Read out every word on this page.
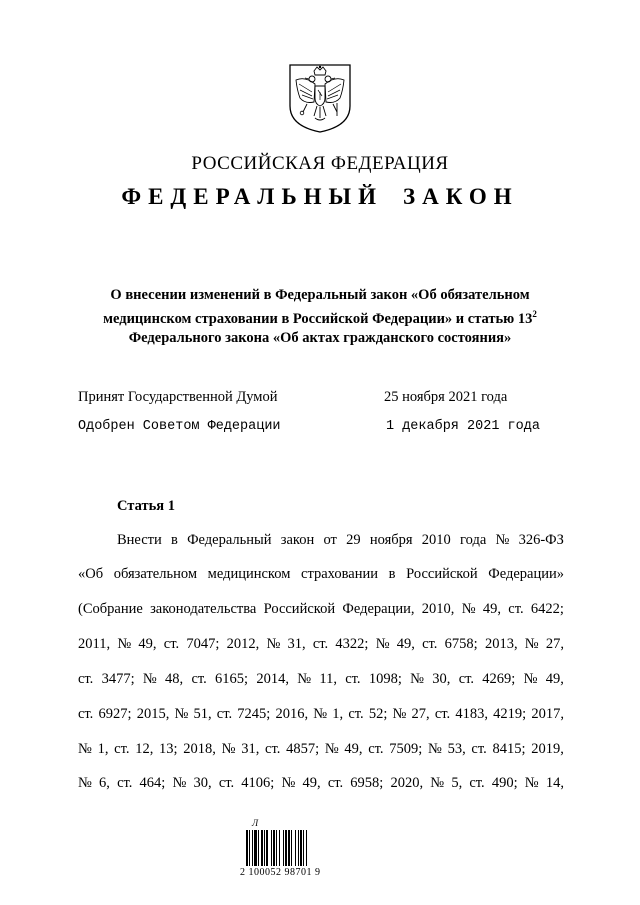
РОССИЙСКАЯ ФЕДЕРАЦИЯ
ФЕДЕРАЛЬНЫЙ ЗАКОН
О внесении изменений в Федеральный закон «Об обязательном
медицинском страховании в Российской Федерации» и статью $13^2$
Федерального закона «Об актах гражданского состояния»
Принят Государственной Думой	25 ноября 2021 года
Одобрен Советом Федерации	1 декабря 2021 года
Статья 1
Внести в Федеральный закон от 29 ноября 2010 года № 326-ФЗ
«Об обязательном медицинском страховании в Российской Федерации»
(Собрание законодательства Российской Федерации, 2010, № 49, ст. 6422;
2011, № 49, ст. 7047; 2012, № 31, ст. 4322; № 49, ст. 6758; 2013, № 27,
ст. 3477; № 48, ст. 6165; 2014, № 11, ст. 1098; № 30, ст. 4269; № 49,
ст. 6927; 2015, № 51, ст. 7245; 2016, № 1, ст. 52; № 27, ст. 4183, 4219; 2017,
№ 1, ст. 12, 13; 2018, № 31, ст. 4857; № 49, ст. 7509; № 53, ст. 8415; 2019,
№ 6, ст. 464; № 30, ст. 4106; № 49, ст. 6958; 2020, № 5, ст. 490; № 14,
Л
2 100052 98701 9
